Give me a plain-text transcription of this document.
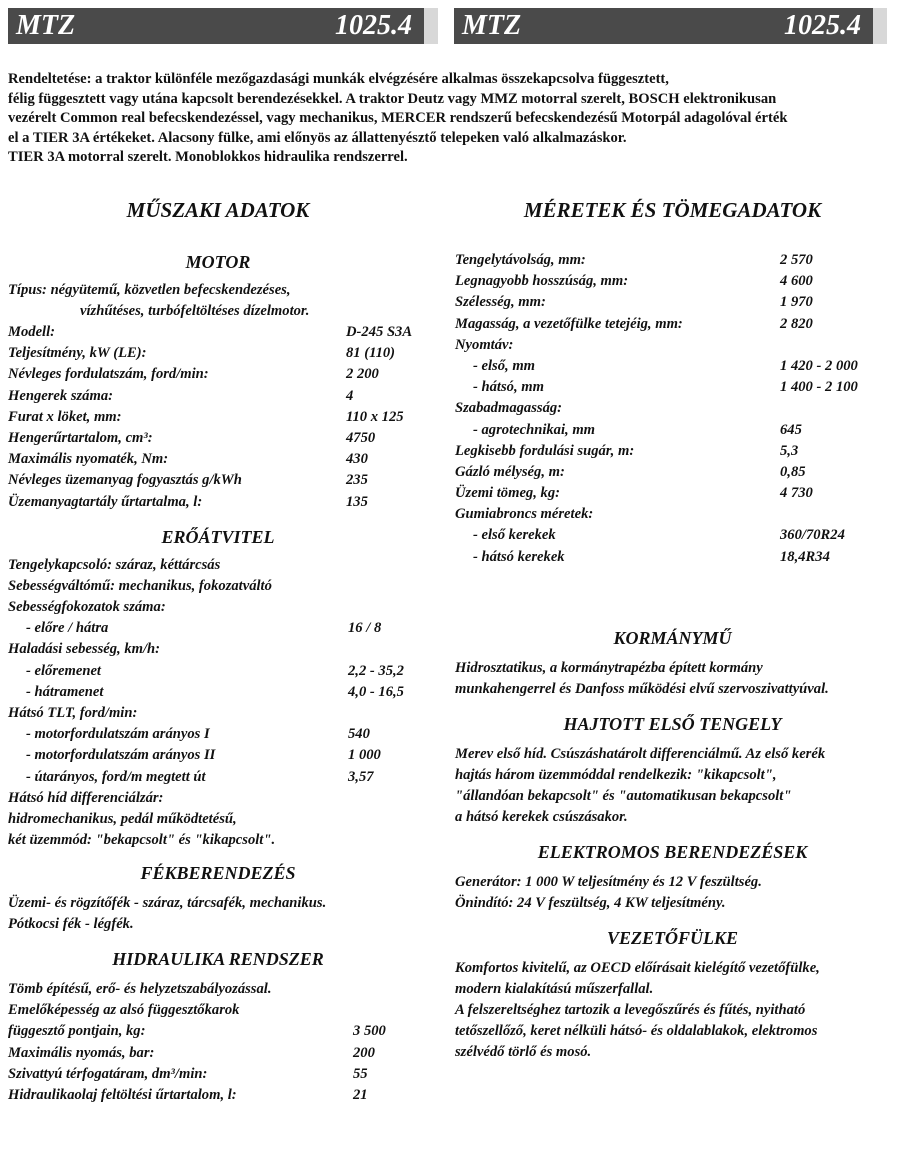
MTZ	1025.4 MTZ	1025.4

Rendeltetése: a traktor különféle mezőgazdasági munkák elvégzésére alkalmas összekapcsolva függesztett,

félig függesztett vagy utána kapcsolt berendezésekkel. A traktor Deutz vagy MMZ motorral szerelt, BOSCH elektronikusan

vezérelt Common real befecskendezéssel, vagy mechanikus, MERCER rendszerű befecskendezésű Motorpál adagolóval érték

el a TIER 3A értékeket. Alacsony fülke, ami előnyös az állattenyésztő telepeken való alkalmazáskor.

TIER 3A motorral szerelt. Monoblokkos hidraulika rendszerrel.

MŰSZAKI ADATOK

MOTOR

Típus: négyütemű, közvetlen befecskendezéses,

vízhűtéses, turbófeltöltéses dízelmotor.

Modell:	D-245 S3A
Teljesítmény, kW (LE):	81 (110)
Névleges fordulatszám, ford/min:	2 200
Hengerek száma:	4
Furat x löket, mm:	110 x 125
Hengerűrtartalom, cm³:	4750
Maximális nyomaték, Nm:	430
Névleges üzemanyag fogyasztás g/kWh	235
Üzemanyagtartály űrtartalma, l:	135

ERŐÁTVITEL

Tengelykapcsoló: száraz, kéttárcsás
Sebességváltómű: mechanikus, fokozatváltó
Sebességfokozatok száma:
- előre / hátra	16 / 8
Haladási sebesség, km/h:
- előremenet	2,2 - 35,2
- hátramenet	4,0 - 16,5
Hátsó TLT, ford/min:
- motorfordulatszám arányos I	540
- motorfordulatszám arányos II	1 000
- útarányos, ford/m megtett út	3,57
Hátsó híd differenciálzár:
hidromechanikus, pedál működtetésű,
két üzemmód: "bekapcsolt" és "kikapcsolt".

FÉKBERENDEZÉS

Üzemi- és rögzítőfék - száraz, tárcsafék, mechanikus.

Pótkocsi fék - légfék.

HIDRAULIKA RENDSZER

Tömb építésű, erő- és helyzetszabályozással.

Emelőképesség az alsó függesztőkarok

függesztő pontjain, kg:	3 500
Maximális nyomás, bar:	200
Szivattyú térfogatáram, dm³/min:	55
Hidraulikaolaj feltöltési űrtartalom, l:	21

MÉRETEK ÉS TÖMEGADATOK

Tengelytávolság, mm:	2 570
Legnagyobb hosszúság, mm:	4 600
Szélesség, mm:	1 970
Magasság, a vezetőfülke tetejéig, mm:	2 820
Nyomtáv:
- első, mm	1 420 - 2 000
- hátsó, mm	1 400 - 2 100
Szabadmagasság:
- agrotechnikai, mm	645
Legkisebb fordulási sugár, m:	5,3
Gázló mélység, m:	0,85
Üzemi tömeg, kg:	4 730
Gumiabroncs méretek:
- első kerekek	360/70R24
- hátsó kerekek	18,4R34

KORMÁNYMŰ

Hidrosztatikus, a kormánytrapézba épített kormány

munkahengerrel és Danfoss működési elvű szervoszivattyúval.

HAJTOTT ELSŐ TENGELY

Merev első híd. Csúszáshatárolt differenciálmű. Az első kerék

hajtás három üzemmóddal rendelkezik: "kikapcsolt",

"állandóan bekapcsolt" és "automatikusan bekapcsolt"

a hátsó kerekek csúszásakor.

ELEKTROMOS BERENDEZÉSEK

Generátor: 1 000 W teljesítmény és 12 V feszültség.

Önindító: 24 V feszültség, 4 KW teljesítmény.

VEZETŐFÜLKE

Komfortos kivitelű, az OECD előírásait kielégítő vezetőfülke,

modern kialakítású műszerfallal.

A felszereltséghez tartozik a levegőszűrés és fűtés, nyitható

tetőszellőző, keret nélküli hátsó- és oldalablakok, elektromos

szélvédő törlő és mosó.
